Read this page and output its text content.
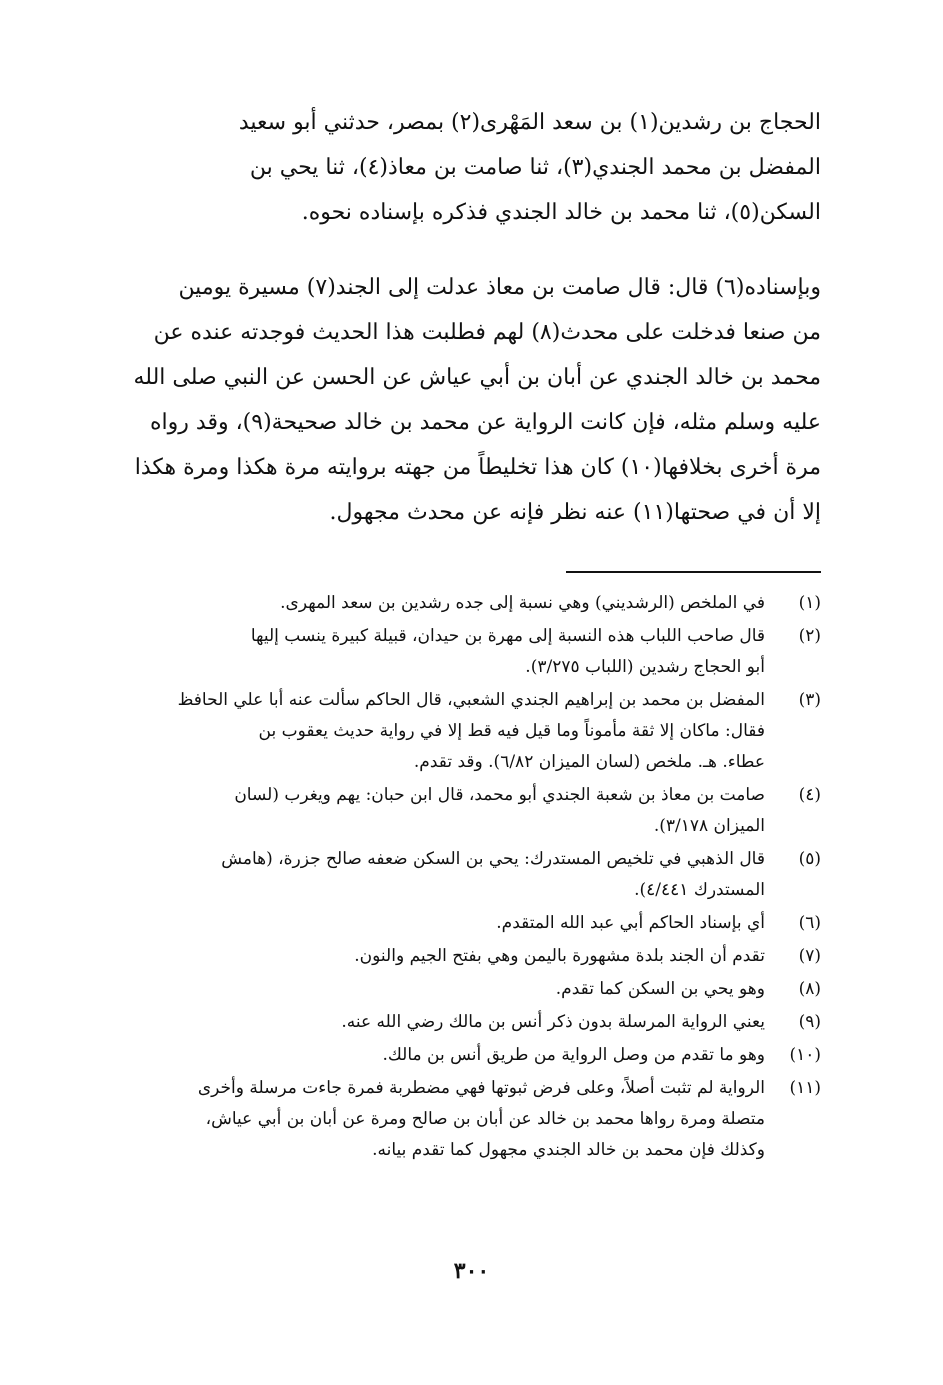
الحجاج بن رشدين(١) بن سعد المَهْرى(٢) بمصر، حدثني أبو سعيد
المفضل بن محمد الجندي(٣)، ثنا صامت بن معاذ(٤)، ثنا يحي بن
السكن(٥)، ثنا محمد بن خالد الجندي فذكره بإسناده نحوه.
وبإسناده(٦) قال: قال صامت بن معاذ عدلت إلى الجند(٧) مسيرة يومين
من صنعا فدخلت على محدث(٨) لهم فطلبت هذا الحديث فوجدته عنده عن
محمد بن خالد الجندي عن أبان بن أبي عياش عن الحسن عن النبي صلى الله
عليه وسلم مثله، فإن كانت الرواية عن محمد بن خالد صحيحة(٩)، وقد رواه
مرة أخرى بخلافها(١٠) كان هذا تخليطاً من جهته بروايته مرة هكذا ومرة هكذا
إلا أن في صحتها(١١) عنه نظر فإنه عن محدث مجهول.
(١)
في الملخص (الرشديني) وهي نسبة إلى جده رشدين بن سعد المهرى.
(٢)
قال صاحب اللباب هذه النسبة إلى مهرة بن حيدان، قبيلة كبيرة ينسب إليها
أبو الحجاج رشدين (اللباب ٣/٢٧٥).
(٣)
المفضل بن محمد بن إبراهيم الجندي الشعبي، قال الحاكم سألت عنه أبا علي الحافظ
فقال: ماكان إلا ثقة مأموناً وما قيل فيه قط إلا في رواية حديث يعقوب بن
عطاء. هـ. ملخص (لسان الميزان ٦/٨٢). وقد تقدم.
(٤)
صامت بن معاذ بن شعبة الجندي أبو محمد، قال ابن حبان: يهم ويغرب (لسان
الميزان ٣/١٧٨).
(٥)
قال الذهبي في تلخيص المستدرك: يحي بن السكن ضعفه صالح جزرة، (هامش
المستدرك ٤/٤٤١).
(٦)
أي بإسناد الحاكم أبي عبد الله المتقدم.
(٧)
تقدم أن الجند بلدة مشهورة باليمن وهي بفتح الجيم والنون.
(٨)
وهو يحي بن السكن كما تقدم.
(٩)
يعني الرواية المرسلة بدون ذكر أنس بن مالك رضي الله عنه.
(١٠)
وهو ما تقدم من وصل الرواية من طريق أنس بن مالك.
(١١)
الرواية لم تثبت أصلاً، وعلى فرض ثبوتها فهي مضطربة فمرة جاءت مرسلة وأخرى
متصلة ومرة رواها محمد بن خالد عن أبان بن صالح ومرة عن أبان بن أبي عياش،
وكذلك فإن محمد بن خالد الجندي مجهول كما تقدم بيانه.
٣٠٠
